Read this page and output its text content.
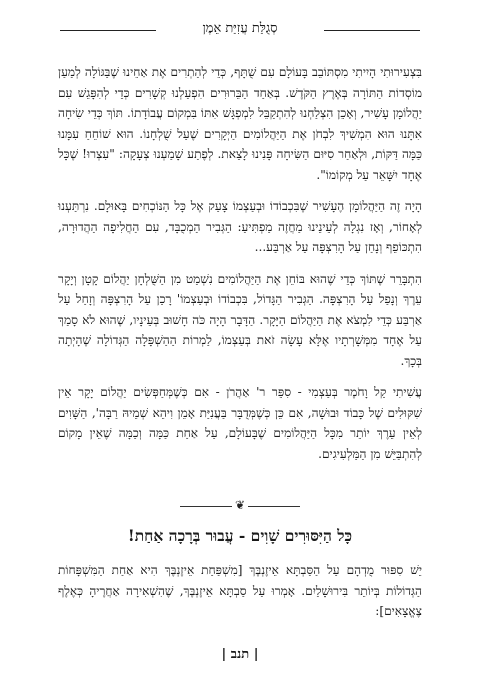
סְגֻלַּת עֲזִיַּת אֵמֶן

בִּצְעִירוּתִי הָיִיתִי מִסְתּוֹבֵב בָּעוֹלָם עִם שֻׁתָּף, כְּדֵי לְהַתְרִים אֶת אַחֵינוּ שֶׁבַּגּוֹלָה לְמַעַן מוֹסְדוֹת הַתּוֹרָה בְּאֶרֶץ הַקֹּדֶשׁ. בְּאַחַד הַבֵּרוּרִים הִפְעַלְנוּ קְשָׁרִים כְּדֵי לְהִפָּגֵשׁ עִם יַהֲלוֹמָן עָשִׁיר, וְאָכֵן הִצְלַחְנוּ לְהִתְקַבֵּל לִמְפְגָּשׁ אִתּוֹ בִּמְקוֹם עֲבוֹדָתוֹ. תּוֹךְ כְּדֵי שִׂיחָה אִתָּנוּ הוּא הִמְשִׁיךְ לִבְחֹן אֶת הַיַּהֲלוֹמִים הַיְקָרִים שֶׁעַל שֻׁלְחָנוֹ. הוּא שׁוֹחֵחַ עִמָּנוּ כַּמָּה דַּקּוֹת, וּלְאַחַר סִיּוּם הַשִּׂיחָה פָּנִינוּ לָצֵאת. לְפֶתַע שָׁמַעְנוּ צְעָקָה: "עִצְרוּ! שֶׁכָּל אֶחָד יִשָּׁאֵר עַל מְקוֹמוֹ".

הָיָה זֶה הַיַּהֲלוֹמָן הֶעָשִׁיר שֶׁבִּכְבוֹדוֹ וּבְעַצְמוֹ צָעַק אֶל כָּל הַנּוֹכְחִים בָּאוּלָם. נִרְתַּעְנוּ לְאָחוֹר, וְאָז נִגְלָה לְעֵינֵינוּ מַחֲזֶה מַפְתִּיעַ: הַגְּבִיר הַמְכֻבָּד, עִם הַחֲלִיפָה הַהֲדוּרָה, הִתְכּוֹפֵף וְנָחַן עַל הָרִצְפָּה עַל אַרְבַּע...

הִתְבָּרֵר שֶׁתּוֹךְ כְּדֵי שֶׁהוּא בּוֹחֵן אֶת הַיַּהֲלוֹמִים נִשְׁמַט מִן הַשֻּׁלְחָן יַהֲלוֹם קָטָן וְיָקָר עֵרֶךְ וְנָפַל עַל הָרִצְפָּה. הַגְּבִיר הַגָּדוֹל, בִּכְבוֹדוֹ וּבְעַצְמוֹ' רָכַן עַל הָרִצְפָּה וְזָחַל עַל אַרְבַּע כְּדֵי לִמְצֹא אֶת הַיַּהֲלוֹם הַיָּקָר. הַדָּבָר הָיָה כֹּה חָשׁוּב בְּעֵינָיו, שֶׁהוּא לֹא סָמַךְ עַל אֶחָד מִמְּשָׁרְתָיו אֶלָּא עָשָׂה זֹאת בְּעַצְמוֹ, לַמְרוֹת הַהַשְׁפָּלָה הַגְּדוֹלָה שֶׁהָיְתָה בְּכָךְ.

עֲשִׁיתִי קַל וָחֹמֶר בְּעַצְמִי - סִפֵּר ר' אַהֲרֹן - אִם כְּשֶׁמְּחַפְּשִׂים יַהֲלוֹם יָקָר אֵין שִׁקּוּלִים שֶׁל כָּבוֹד וּבוּשָׁה, אִם כֵּן כְּשֶׁמְּדֻבָּר בַּעֲנִיַּת אָמֵן וִיהֵא שְׁמֵיהּ רַבָּה', הַשָּׁוִים לְאֵין עֵרֶךְ יוֹתֵר מִכָּל הַיַּהֲלוֹמִים שֶׁבָּעוֹלָם, עַל אַחַת כַּמָּה וְכַמָּה שֶׁאֵין מָקוֹם לְהִתְבַּיֵּשׁ מִן הַמַּלְעִיגִים.

❦
כָּל הַיִּסּוּרִים שָׁוִים - עֲבוּר בְּרָכָה אַחַת!
יֵשׁ סִפּוּר מֻדְהָם עַל הַסַּבְתָּא אֵיזֶנְבֶּךְ [מִשְׁפַּחַת אֵיזֶנְבֶּךְ הִיא אַחַת הַמִּשְׁפָּחוֹת הַגְּדוֹלוֹת בְּיוֹתֵר בִּירוּשָׁלַיִם. אָמְרוּ עַל סַבְתָּא אֵיזֶנְבֶּךְ, שֶׁהִשְׁאִירָה אַחֲרֶיהָ כְּאֶלֶף צֶאֱצָאִים]:
| תנב |
